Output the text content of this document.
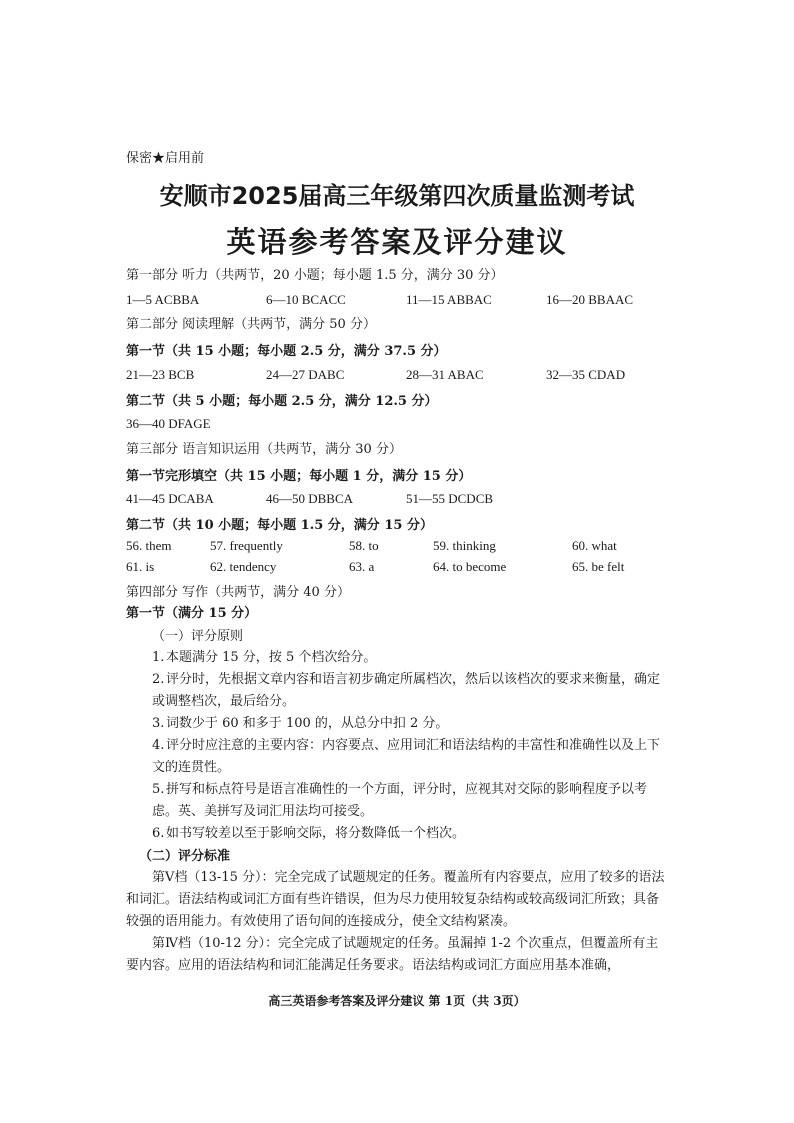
保密★启用前
安顺市2025届高三年级第四次质量监测考试
英语参考答案及评分建议
第一部分 听力（共两节，20 小题；每小题 1.5 分，满分 30 分）
1—5 ACBBA	6—10 BCACC	11—15 ABBAC	16—20 BBAAC
第二部分 阅读理解（共两节，满分 50 分）
第一节（共 15 小题；每小题 2.5 分，满分 37.5 分）
21—23 BCB	24—27 DABC	28—31 ABAC	32—35 CDAD
第二节（共 5 小题；每小题 2.5 分，满分 12.5 分）
36—40 DFAGE
第三部分 语言知识运用（共两节，满分 30 分）
第一节完形填空（共 15 小题；每小题 1 分，满分 15 分）
41—45 DCABA	46—50 DBBCA	51—55 DCDCB
第二节（共 10 小题；每小题 1.5 分，满分 15 分）
56. them	57. frequently	58. to	59. thinking	60. what
61. is	62. tendency	63. a	64. to become	65. be felt
第四部分 写作（共两节，满分 40 分）
第一节（满分 15 分）
（一）评分原则
1. 本题满分 15 分，按 5 个档次给分。
2. 评分时，先根据文章内容和语言初步确定所属档次，然后以该档次的要求来衡量，确定或调整档次，最后给分。
3. 词数少于 60 和多于 100 的，从总分中扣 2 分。
4. 评分时应注意的主要内容：内容要点、应用词汇和语法结构的丰富性和准确性以及上下文的连贯性。
5. 拼写和标点符号是语言准确性的一个方面，评分时，应视其对交际的影响程度予以考虑。英、美拼写及词汇用法均可接受。
6. 如书写较差以至于影响交际，将分数降低一个档次。
（二）评分标准
第Ⅴ档（13-15 分）：完全完成了试题规定的任务。覆盖所有内容要点，应用了较多的语法和词汇。语法结构或词汇方面有些许错误，但为尽力使用较复杂结构或较高级词汇所致；具备较强的语用能力。有效使用了语句间的连接成分，使全文结构紧凑。
第Ⅳ档（10-12 分）：完全完成了试题规定的任务。虽漏掉 1-2 个次重点，但覆盖所有主要内容。应用的语法结构和词汇能满足任务要求。语法结构或词汇方面应用基本准确，
高三英语参考答案及评分建议 第 1页（共 3页）
